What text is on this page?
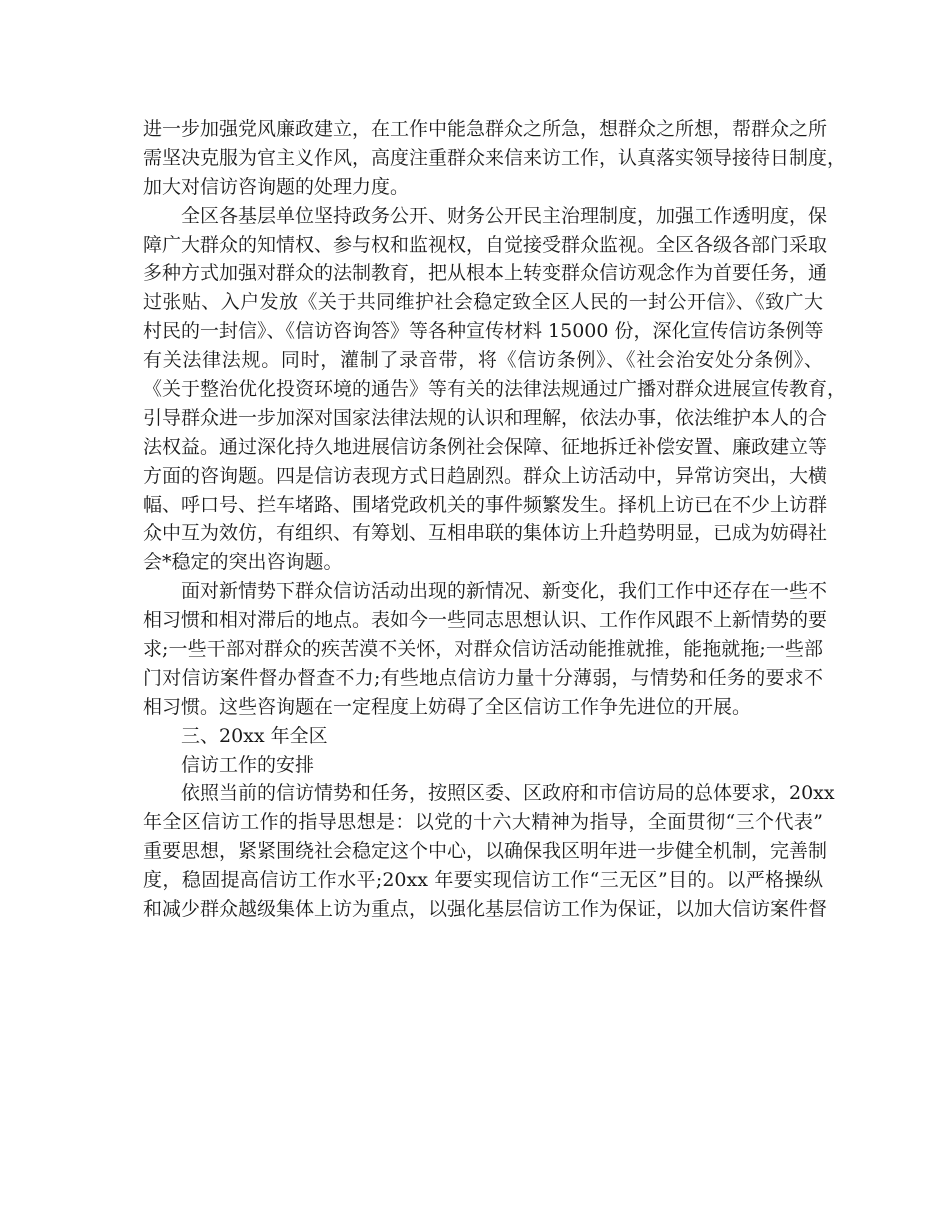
进一步加强党风廉政建立，在工作中能急群众之所急，想群众之所想，帮群众之所
需坚决克服为官主义作风，高度注重群众来信来访工作，认真落实领导接待日制度，
加大对信访咨询题的处理力度。
全区各基层单位坚持政务公开、财务公开民主治理制度，加强工作透明度，保
障广大群众的知情权、参与权和监视权，自觉接受群众监视。全区各级各部门采取
多种方式加强对群众的法制教育，把从根本上转变群众信访观念作为首要任务，通
过张贴、入户发放《关于共同维护社会稳定致全区人民的一封公开信》、《致广大
村民的一封信》、《信访咨询答》等各种宣传材料 15000 份，深化宣传信访条例等
有关法律法规。同时，灌制了录音带，将《信访条例》、《社会治安处分条例》、
《关于整治优化投资环境的通告》等有关的法律法规通过广播对群众进展宣传教育，
引导群众进一步加深对国家法律法规的认识和理解，依法办事，依法维护本人的合
法权益。通过深化持久地进展信访条例社会保障、征地拆迁补偿安置、廉政建立等
方面的咨询题。四是信访表现方式日趋剧烈。群众上访活动中，异常访突出，大横
幅、呼口号、拦车堵路、围堵党政机关的事件频繁发生。择机上访已在不少上访群
众中互为效仿，有组织、有筹划、互相串联的集体访上升趋势明显，已成为妨碍社
会*稳定的突出咨询题。
面对新情势下群众信访活动出现的新情况、新变化，我们工作中还存在一些不
相习惯和相对滞后的地点。表如今一些同志思想认识、工作作风跟不上新情势的要
求;一些干部对群众的疾苦漠不关怀，对群众信访活动能推就推，能拖就拖;一些部
门对信访案件督办督查不力;有些地点信访力量十分薄弱，与情势和任务的要求不
相习惯。这些咨询题在一定程度上妨碍了全区信访工作争先进位的开展。
三、20xx 年全区
信访工作的安排
依照当前的信访情势和任务，按照区委、区政府和市信访局的总体要求，20xx
年全区信访工作的指导思想是：以党的十六大精神为指导，全面贯彻“三个代表”
重要思想，紧紧围绕社会稳定这个中心，以确保我区明年进一步健全机制，完善制
度，稳固提高信访工作水平;20xx 年要实现信访工作“三无区”目的。以严格操纵
和减少群众越级集体上访为重点，以强化基层信访工作为保证，以加大信访案件督
